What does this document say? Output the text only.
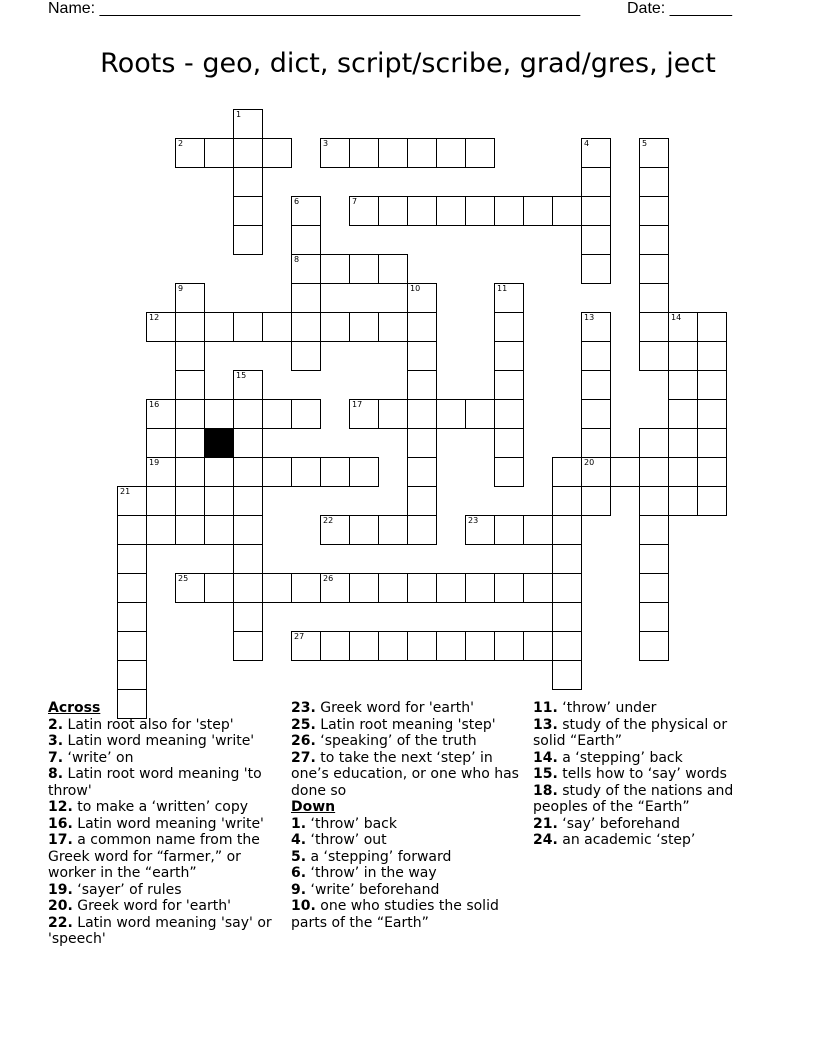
Name: ______________________________________________________	Date: _______
Roots - geo, dict, script/scribe, grad/gres, ject
1
2	3
7
4	5
6
8
9
12
10	11
13
20
14
15
16	17
19
21
22	23
25	26
27
Across
2. Latin root also for 'step'
3. Latin word meaning 'write'
7. ‘write’ on
8. Latin root word meaning 'to throw'
12. to make a ‘written’ copy
16. Latin word meaning 'write'
17. a common name from the Greek word for “farmer,” or worker in the “earth”
19. ‘sayer’ of rules
20. Greek word for 'earth'
22. Latin word meaning 'say' or 'speech'
23. Greek word for 'earth'
25. Latin root meaning 'step'
26. ‘speaking’ of the truth
27. to take the next ‘step’ in one’s education, or one who has done so
Down
1. ‘throw’ back
4. ‘throw’ out
5. a ‘stepping’ forward
6. ‘throw’ in the way
9. ‘write’ beforehand
10. one who studies the solid parts of the “Earth”
11. ‘throw’ under
13. study of the physical or solid “Earth”
14. a ‘stepping’ back
15. tells how to ‘say’ words
18. study of the nations and peoples of the “Earth”
21. ‘say’ beforehand
24. an academic ‘step’
